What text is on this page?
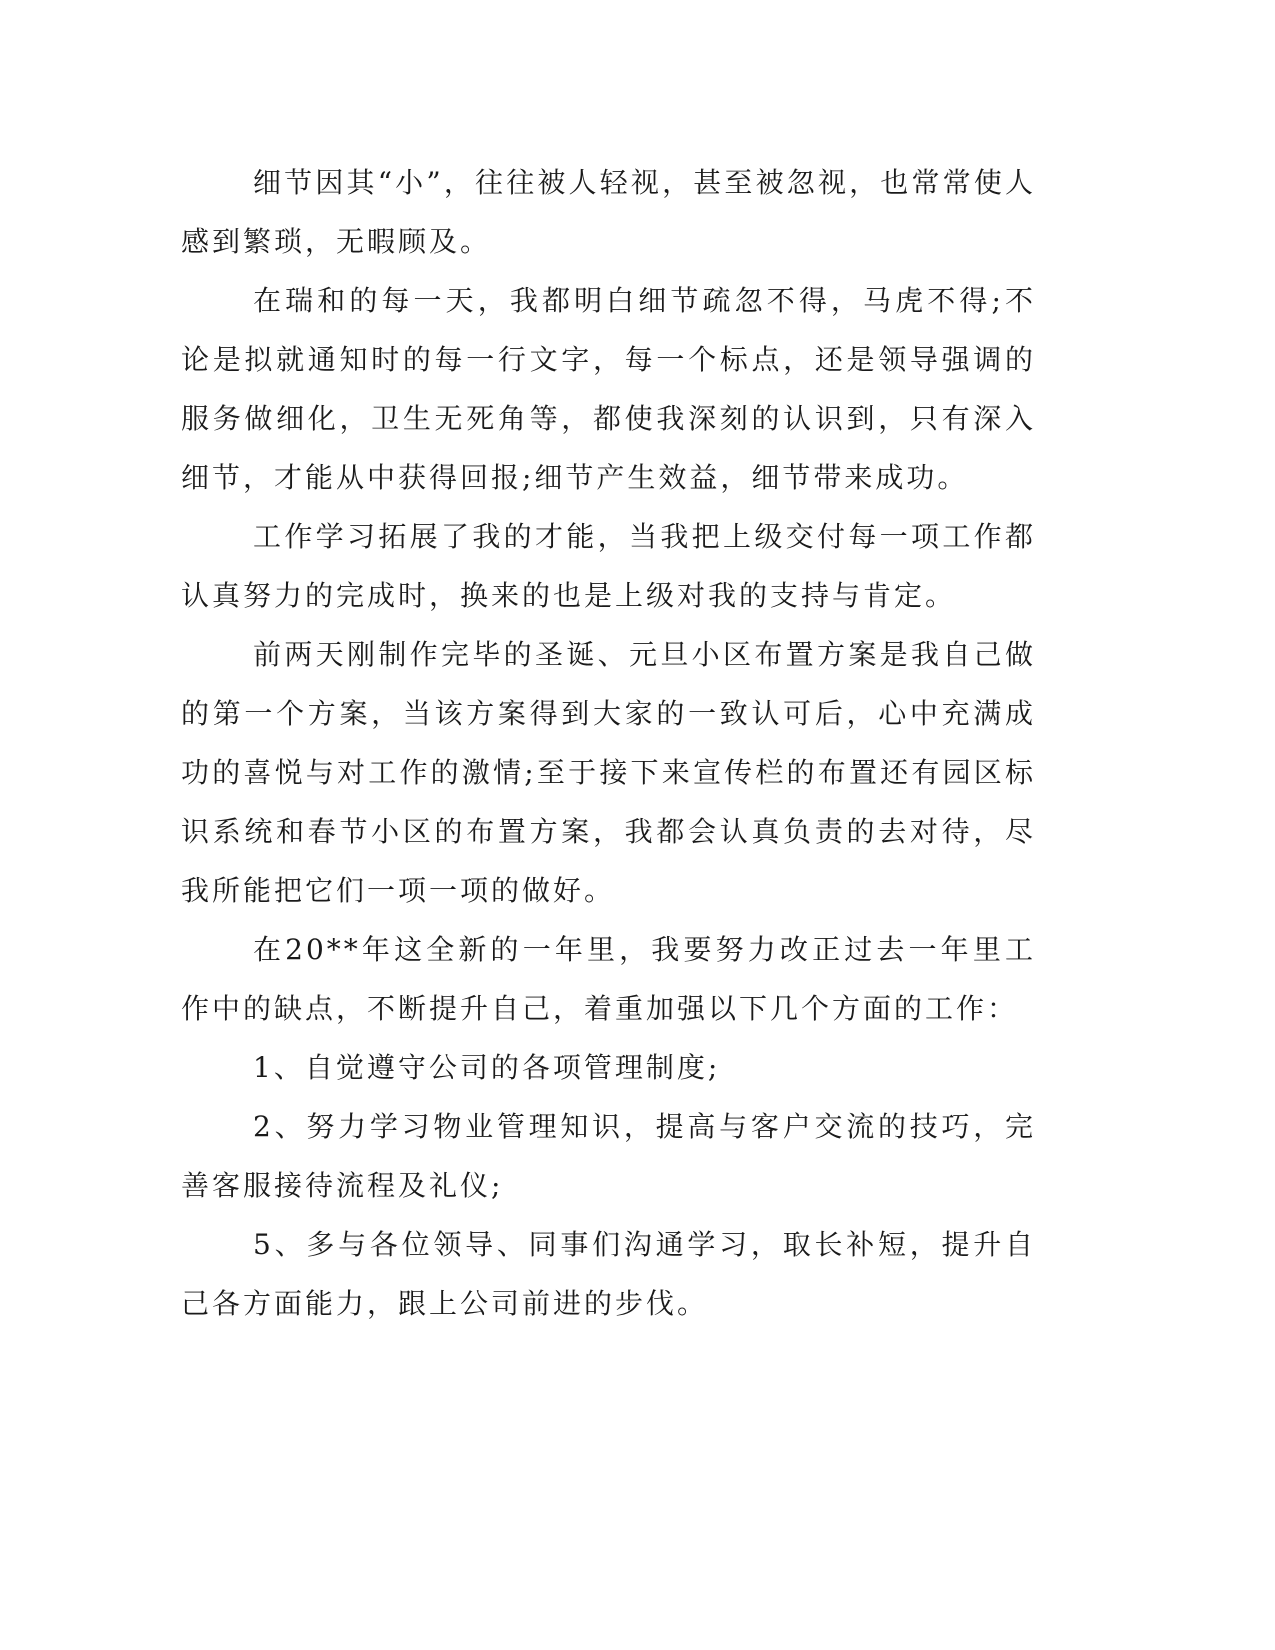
细节因其“小”，往往被人轻视，甚至被忽视，也常常使人感到繁琐，无暇顾及。

在瑞和的每一天，我都明白细节疏忽不得，马虎不得;不论是拟就通知时的每一行文字，每一个标点，还是领导强调的服务做细化，卫生无死角等，都使我深刻的认识到，只有深入细节，才能从中获得回报;细节产生效益，细节带来成功。

工作学习拓展了我的才能，当我把上级交付每一项工作都认真努力的完成时，换来的也是上级对我的支持与肯定。

前两天刚制作完毕的圣诞、元旦小区布置方案是我自己做的第一个方案，当该方案得到大家的一致认可后，心中充满成功的喜悦与对工作的激情;至于接下来宣传栏的布置还有园区标识系统和春节小区的布置方案，我都会认真负责的去对待，尽我所能把它们一项一项的做好。

在20**年这全新的一年里，我要努力改正过去一年里工作中的缺点，不断提升自己，着重加强以下几个方面的工作：

1、自觉遵守公司的各项管理制度;

2、努力学习物业管理知识，提高与客户交流的技巧，完善客服接待流程及礼仪;

5、多与各位领导、同事们沟通学习，取长补短，提升自己各方面能力，跟上公司前进的步伐。
